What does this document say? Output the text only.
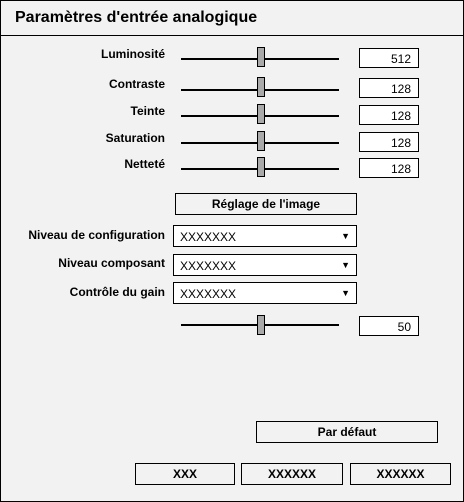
Paramètres d'entrée analogique
Luminosité	512
Contraste	128
Teinte	128
Saturation	128
Netteté	128
Réglage de l'image
Niveau de configuration XXXXXXX	▼
Niveau composant XXXXXXX	▼
Contrôle du gain XXXXXXX	▼
50
Par défaut
XXX	XXXXXX	XXXXXX
